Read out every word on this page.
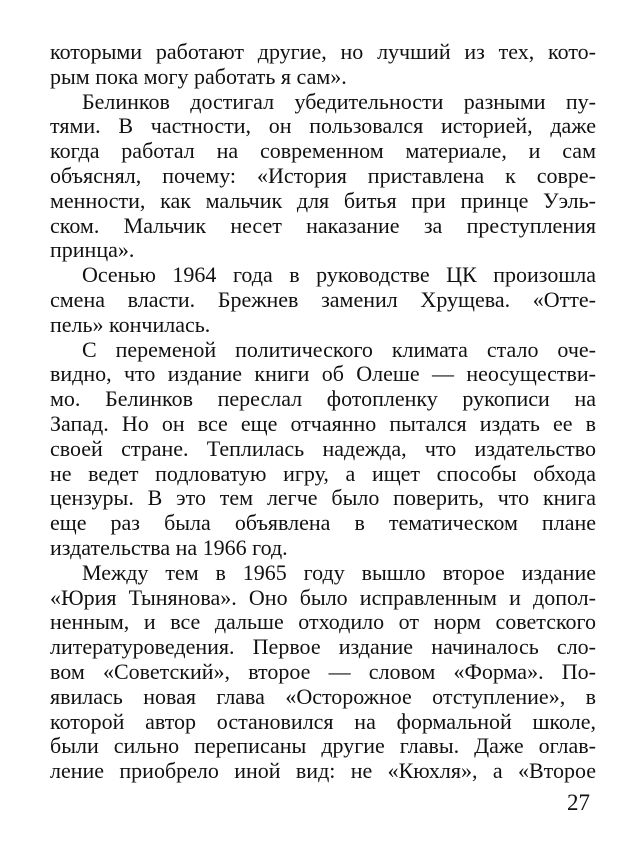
которыми работают другие, но лучший из тех, кото-
рым пока могу работать я сам».
Белинков достигал убедительности разными пу-
тями. В частности, он пользовался историей, даже
когда работал на современном материале, и сам
объяснял, почему: «История приставлена к совре-
менности, как мальчик для битья при принце Уэль-
ском. Мальчик несет наказание за преступления
принца».
Осенью 1964 года в руководстве ЦК произошла
смена власти. Брежнев заменил Хрущева. «Отте-
пель» кончилась.
С переменой политического климата стало оче-
видно, что издание книги об Олеше — неосуществи-
мо. Белинков переслал фотопленку рукописи на
Запад. Но он все еще отчаянно пытался издать ее в
своей стране. Теплилась надежда, что издательство
не ведет подловатую игру, а ищет способы обхода
цензуры. В это тем легче было поверить, что книга
еще раз была объявлена в тематическом плане
издательства на 1966 год.
Между тем в 1965 году вышло второе издание
«Юрия Тынянова». Оно было исправленным и допол-
ненным, и все дальше отходило от норм советского
литературоведения. Первое издание начиналось сло-
вом «Советский», второе — словом «Форма». По-
явилась новая глава «Осторожное отступление», в
которой автор остановился на формальной школе,
были сильно переписаны другие главы. Даже оглав-
ление приобрело иной вид: не «Кюхля», а «Второе
27
